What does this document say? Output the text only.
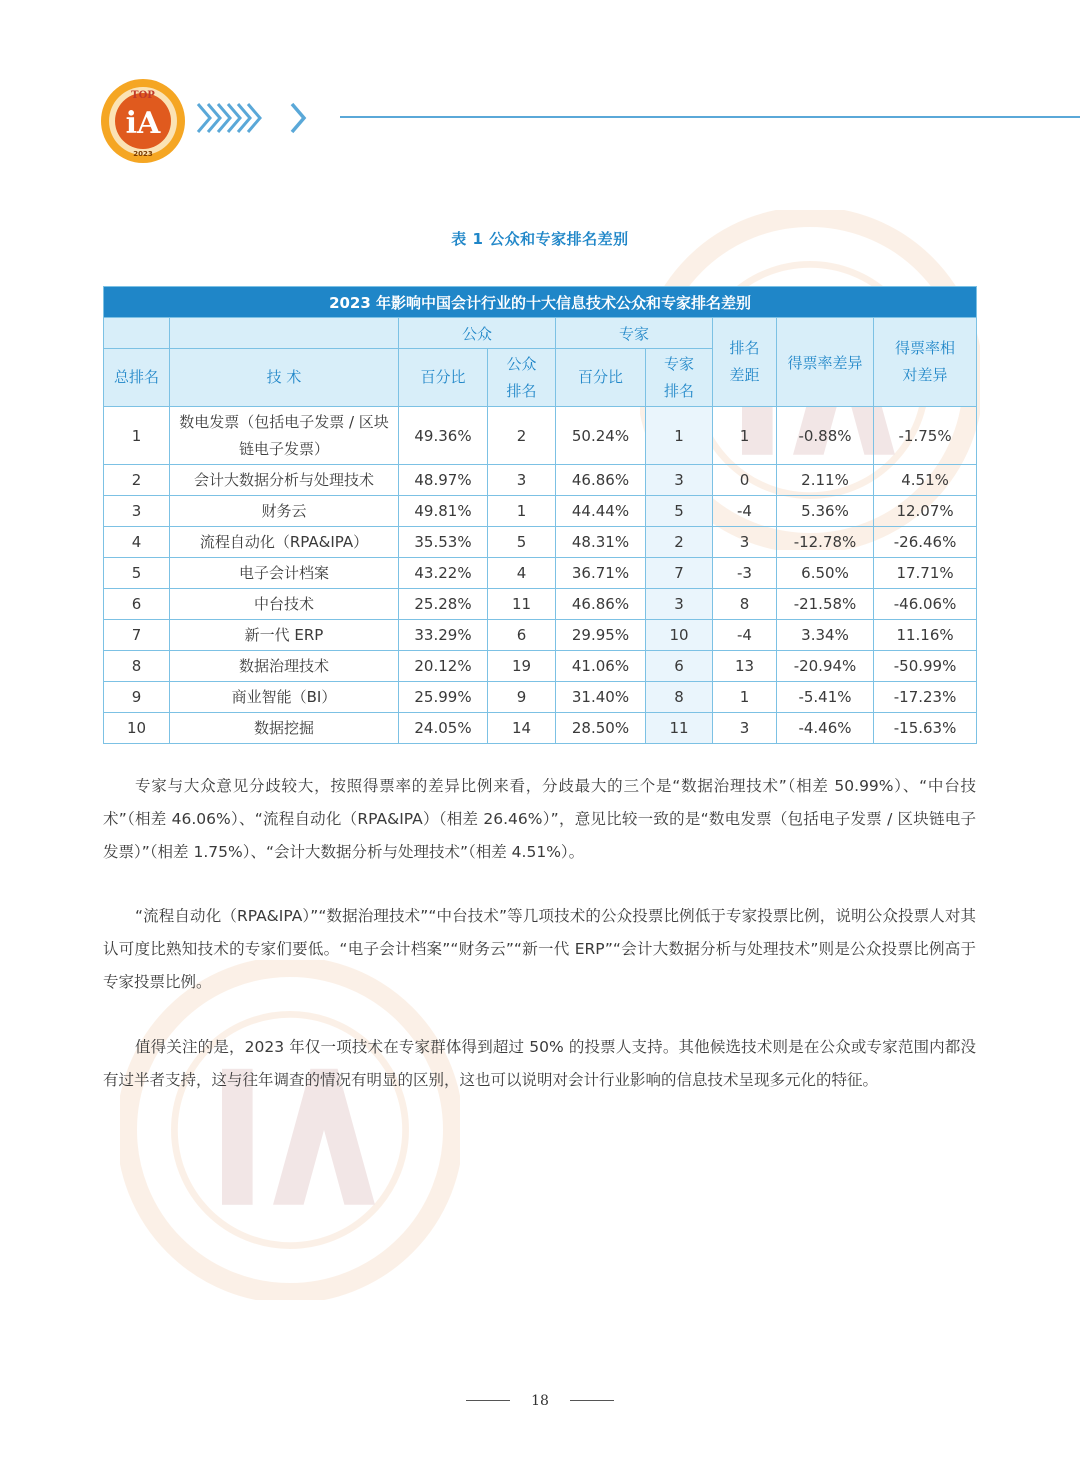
TOP
iA
2023
表 1 公众和专家排名差别
2023 年影响中国会计行业的十大信息技术公众和专家排名差别								
		公众		专家		排名差距	得票率差异	得票率相对差异
总排名	技 术	百分比	公众排名	百分比	专家排名			
1	数电发票（包括电子发票 / 区块链电子发票）	49.36%	2	50.24%	1	1	-0.88%	-1.75%
2	会计大数据分析与处理技术	48.97%	3	46.86%	3	0	2.11%	4.51%
3	财务云	49.81%	1	44.44%	5	-4	5.36%	12.07%
4	流程自动化（RPA&IPA）	35.53%	5	48.31%	2	3	-12.78%	-26.46%
5	电子会计档案	43.22%	4	36.71%	7	-3	6.50%	17.71%
6	中台技术	25.28%	11	46.86%	3	8	-21.58%	-46.06%
7	新一代 ERP	33.29%	6	29.95%	10	-4	3.34%	11.16%
8	数据治理技术	20.12%	19	41.06%	6	13	-20.94%	-50.99%
9	商业智能（BI）	25.99%	9	31.40%	8	1	-5.41%	-17.23%
10	数据挖掘	24.05%	14	28.50%	11	3	-4.46%	-15.63%

专家与大众意见分歧较大，按照得票率的差异比例来看，分歧最大的三个是“数据治理技术”（相差 50.99%）、“中台技术”（相差 46.06%）、“流程自动化（RPA&IPA）（相差 26.46%）”，意见比较一致的是“数电发票（包括电子发票 / 区块链电子发票）”（相差 1.75%）、“会计大数据分析与处理技术”（相差 4.51%）。

“流程自动化（RPA&IPA）”“数据治理技术”“中台技术”等几项技术的公众投票比例低于专家投票比例，说明公众投票人对其认可度比熟知技术的专家们要低。“电子会计档案”“财务云”“新一代 ERP”“会计大数据分析与处理技术”则是公众投票比例高于专家投票比例。

值得关注的是，2023 年仅一项技术在专家群体得到超过 50% 的投票人支持。其他候选技术则是在公众或专家范围内都没有过半者支持，这与往年调查的情况有明显的区别，这也可以说明对会计行业影响的信息技术呈现多元化的特征。

18
